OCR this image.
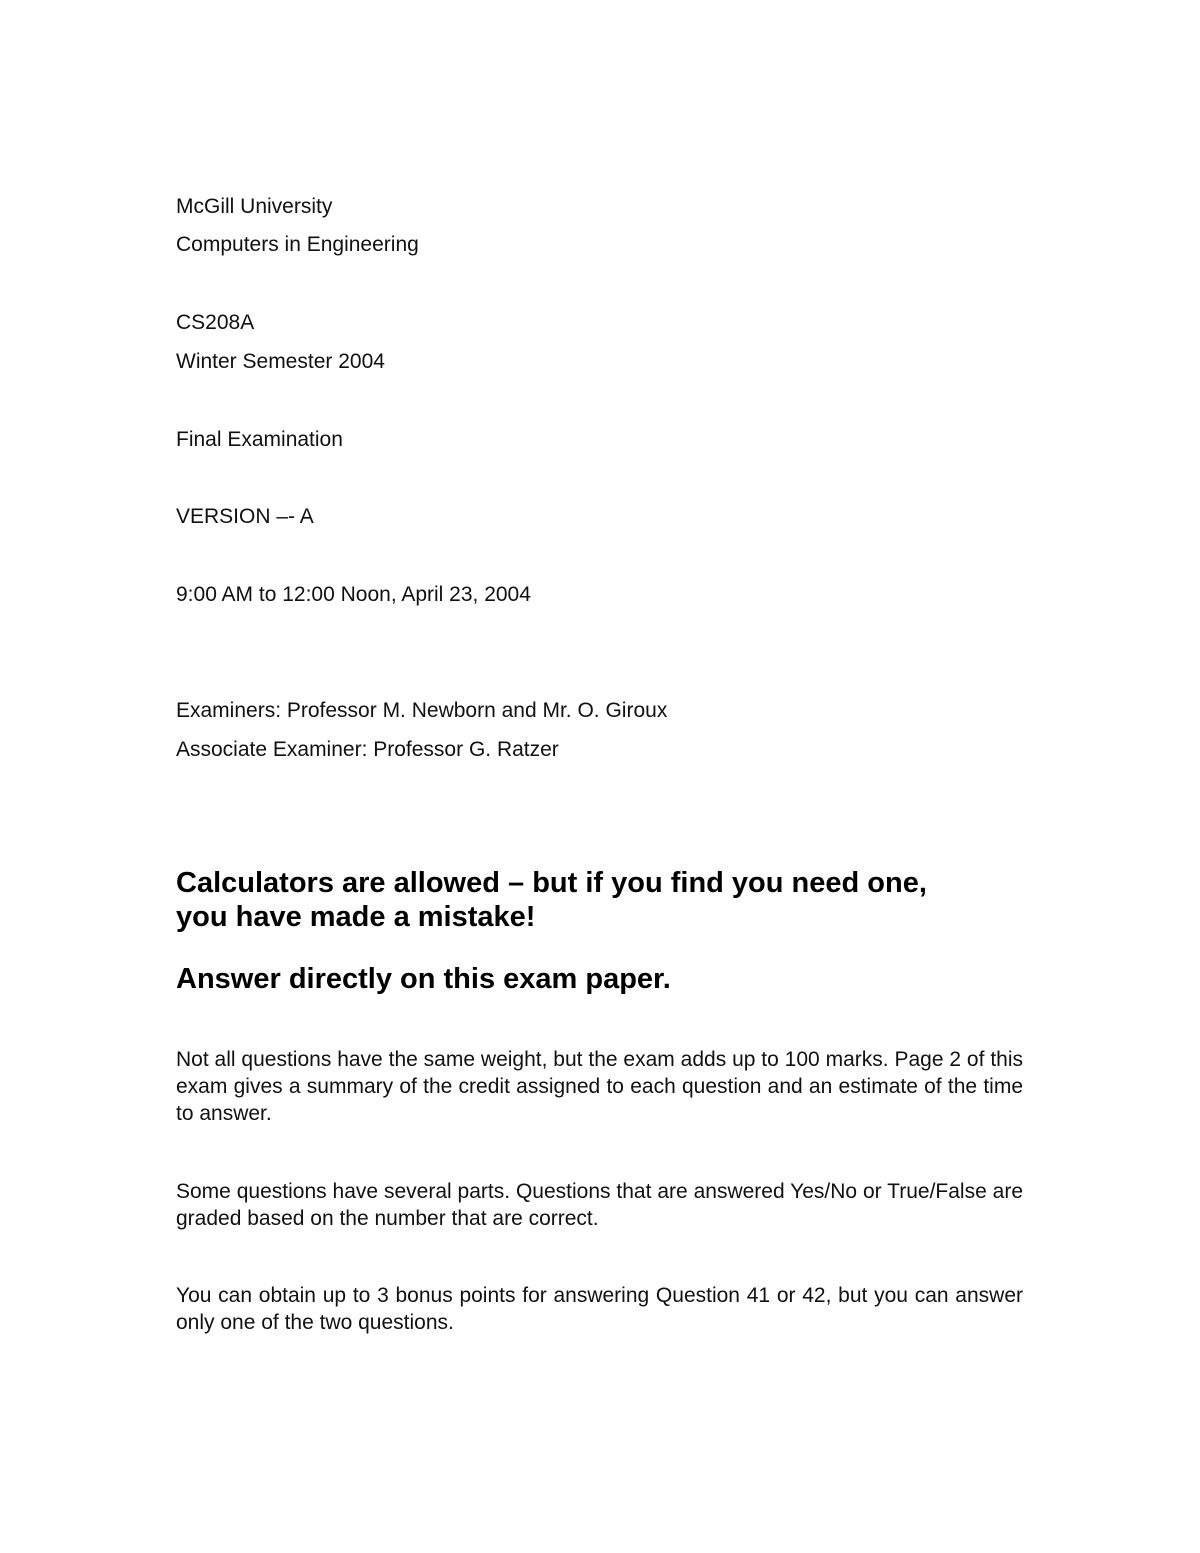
McGill University
Computers in Engineering
CS208A
Winter Semester 2004
Final Examination
VERSION –- A
9:00 AM to 12:00 Noon, April 23, 2004
Examiners: Professor M. Newborn and Mr. O. Giroux
Associate Examiner: Professor G. Ratzer
Calculators are allowed – but if you find you need one,
you have made a mistake!
Answer directly on this exam paper.
Not all questions have the same weight, but the exam adds up to 100 marks. Page 2 of this exam gives a summary of the credit assigned to each question and an estimate of the time to answer.
Some questions have several parts. Questions that are answered Yes/No or True/False are graded based on the number that are correct.
You can obtain up to 3 bonus points for answering Question 41 or 42, but you can answer only one of the two questions.
